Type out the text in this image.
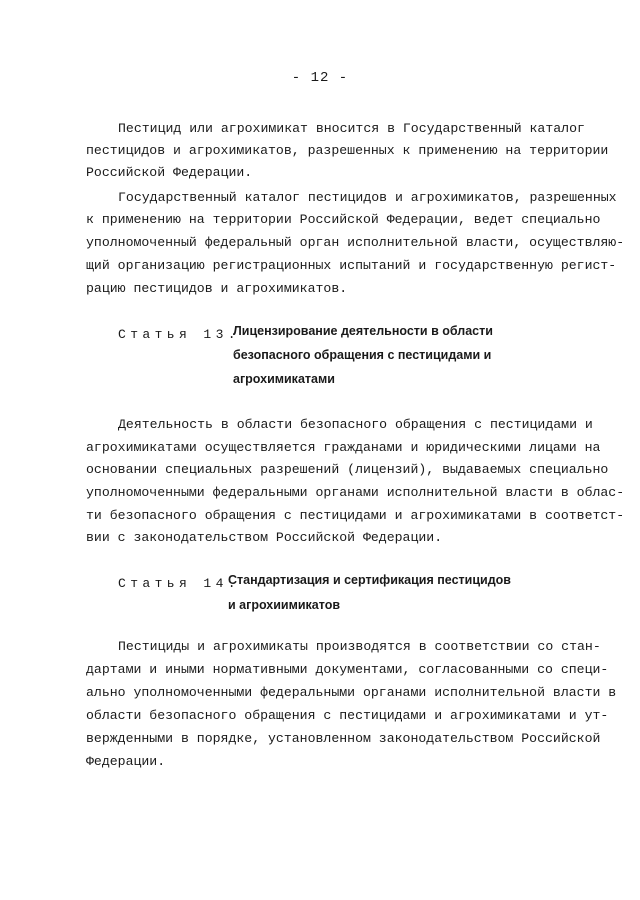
- 12 -
Пестицид или агрохимикат вносится в Государственный каталог
пестицидов и агрохимикатов, разрешенных к применению на территории
Российской Федерации.
Государственный каталог пестицидов и агрохимикатов, разрешенных
к применению на территории Российской Федерации, ведет специально
уполномоченный федеральный орган исполнительной власти, осуществляю-
щий организацию регистрационных испытаний и государственную регист-
рацию пестицидов и агрохимикатов.
Статья 13.
Лицензирование деятельности в области
безопасного обращения с пестицидами и
агрохимикатами
Деятельность в области безопасного обращения с пестицидами и
агрохимикатами осуществляется гражданами и юридическими лицами на
основании специальных разрешений (лицензий), выдаваемых специально
уполномоченными федеральными органами исполнительной власти в облас-
ти безопасного обращения с пестицидами и агрохимикатами в соответст-
вии с законодательством Российской Федерации.
Статья 14.
Стандартизация и сертификация пестицидов
и агрохиимикатов
Пестициды и агрохимикаты производятся в соответствии со стан-
дартами и иными нормативными документами, согласованными со специ-
ально уполномоченными федеральными органами исполнительной власти в
области безопасного обращения с пестицидами и агрохимикатами и ут-
вержденными в порядке, установленном законодательством Российской
Федерации.
